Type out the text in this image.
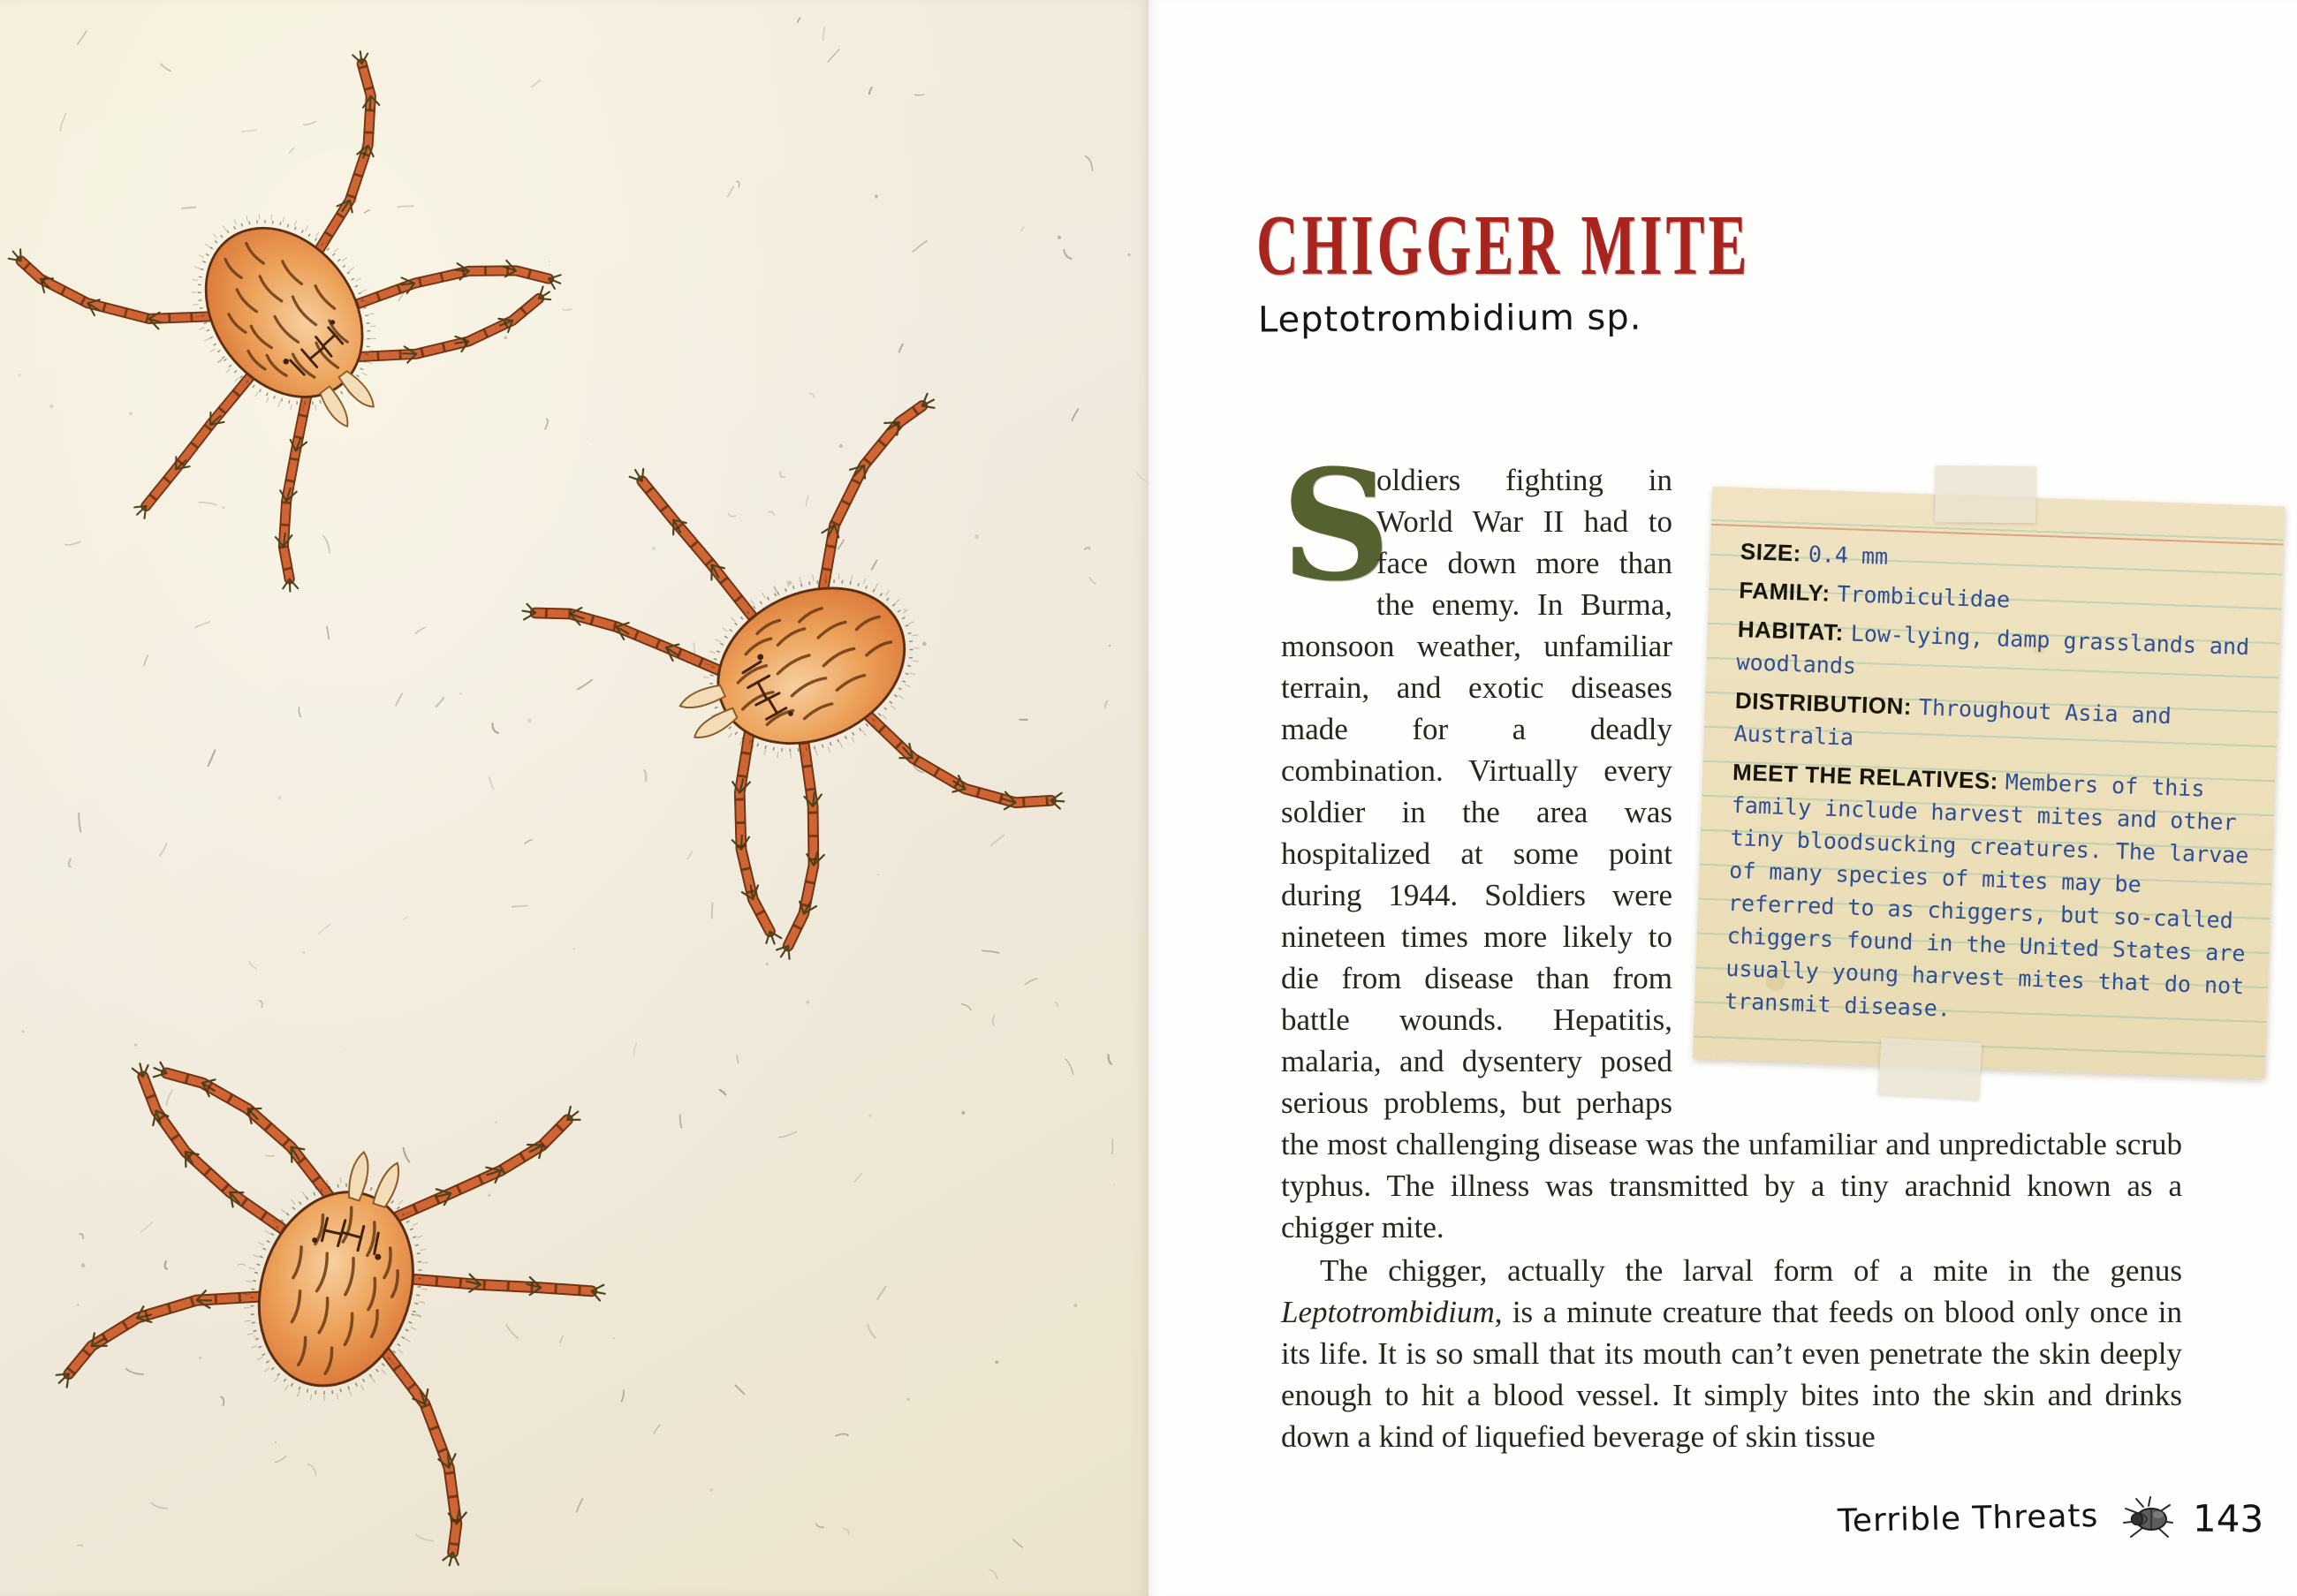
CHIGGER MITE
Leptotrombidium sp.

SIZE: 0.4 mm

FAMILY: Trombiculidae

HABITAT: Low-lying, damp grasslands and woodlands

DISTRIBUTION: Throughout Asia and Australia

MEET THE RELATIVES: Members of this family include harvest mites and other tiny bloodsucking creatures. The larvae of many species of mites may be referred to as chiggers, but so-called chiggers found in the United States are usually young harvest mites that do not transmit disease.

S
oldiers fighting in World War II had to face down more than the enemy. In Burma, monsoon weather, unfamiliar terrain, and exotic diseases made for a deadly combination. Virtually every soldier in the area was hospitalized at some point during 1944. Soldiers were nineteen times more likely to die from disease than from battle wounds. Hepatitis, malaria, and dysentery posed serious problems, but perhaps the most challenging disease was the unfamiliar and unpredictable scrub typhus. The illness was transmitted by a tiny arachnid known as a chigger mite.

The chigger, actually the larval form of a mite in the genus Leptotrombidium, is a minute creature that feeds on blood only once in its life. It is so small that its mouth can’t even penetrate the skin deeply enough to hit a blood vessel. It simply bites into the skin and drinks down a kind of liquefied beverage of skin tissue

Terrible Threats	143
